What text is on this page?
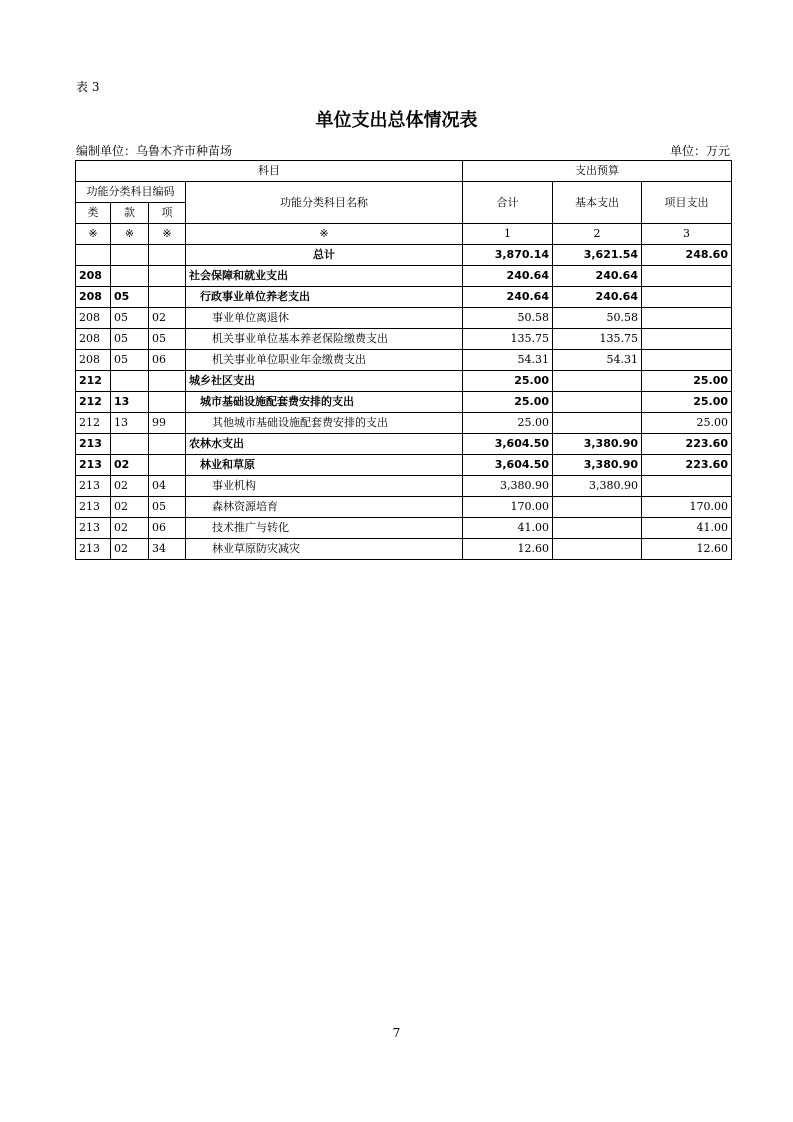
表 3
单位支出总体情况表
编制单位：乌鲁木齐市种苗场	单位：万元
科目				支出预算		
功能分类科目编码			功能分类科目名称	合计	基本支出	项目支出
类	款	项				
※	※	※	※	1	2	3
			总计	3,870.14	3,621.54	248.60
208			社会保障和就业支出	240.64	240.64	
208	05		行政事业单位养老支出	240.64	240.64	
208	05	02	事业单位离退休	50.58	50.58	
208	05	05	机关事业单位基本养老保险缴费支出	135.75	135.75	
208	05	06	机关事业单位职业年金缴费支出	54.31	54.31	
212			城乡社区支出	25.00		25.00
212	13		城市基础设施配套费安排的支出	25.00		25.00
212	13	99	其他城市基础设施配套费安排的支出	25.00		25.00
213			农林水支出	3,604.50	3,380.90	223.60
213	02		林业和草原	3,604.50	3,380.90	223.60
213	02	04	事业机构	3,380.90	3,380.90	
213	02	05	森林资源培育	170.00		170.00
213	02	06	技术推广与转化	41.00		41.00
213	02	34	林业草原防灾减灾	12.60		12.60
7
